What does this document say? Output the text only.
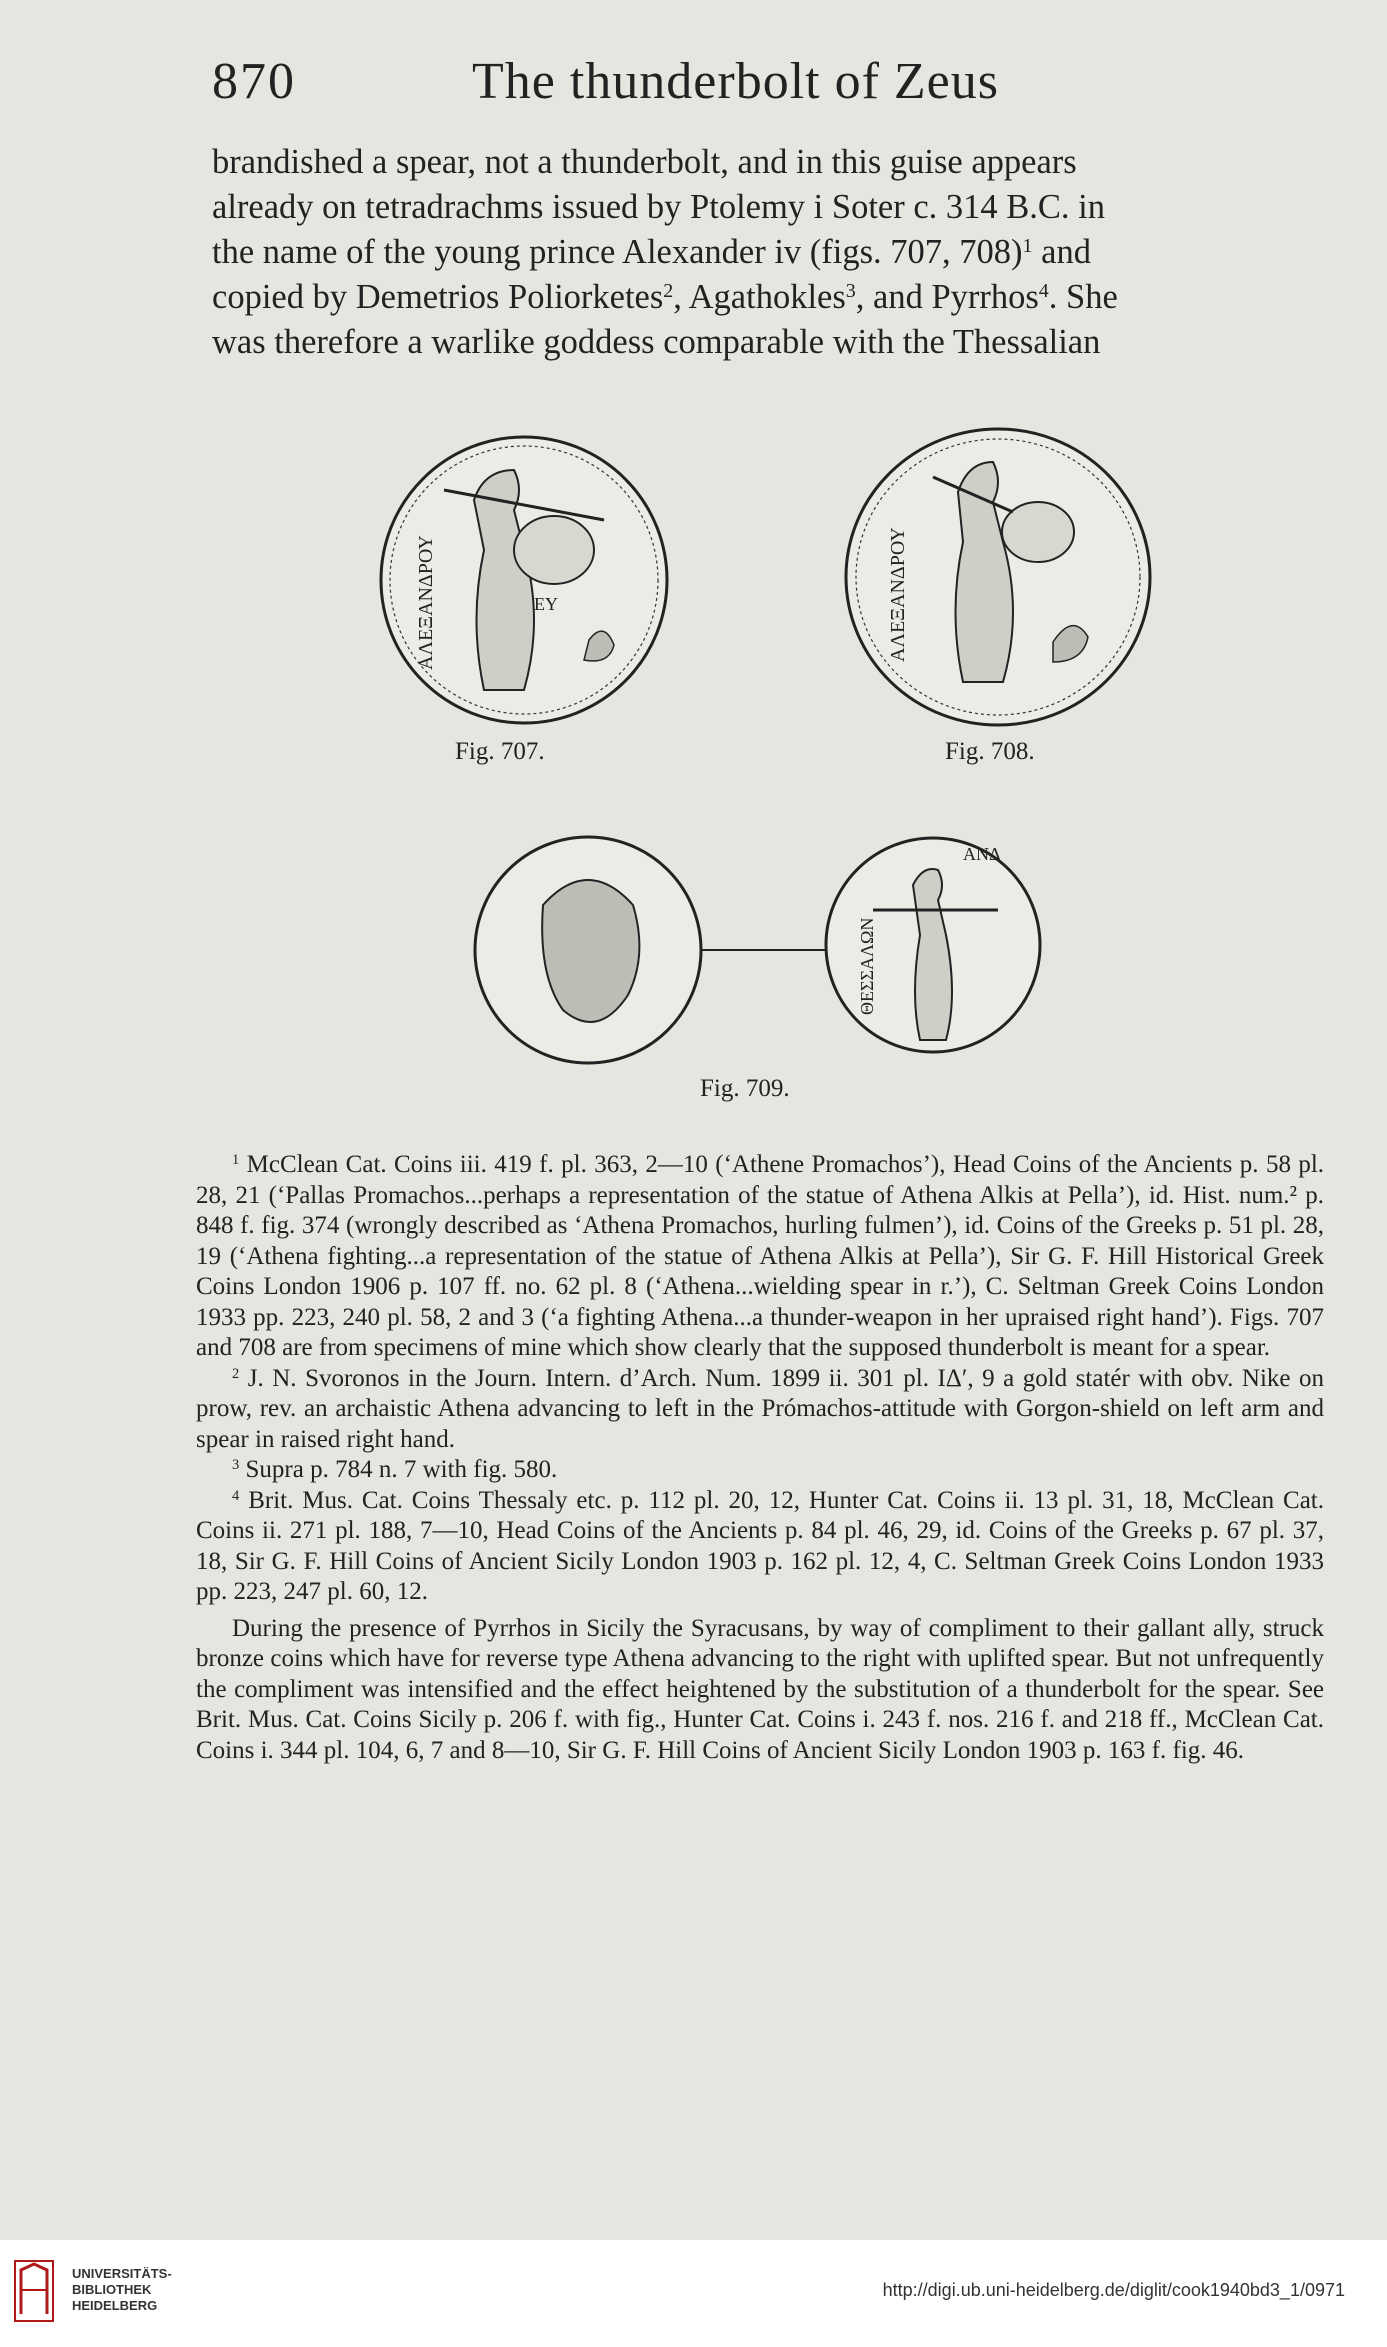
870	The thunderbolt of Zeus

brandished a spear, not a thunderbolt, and in this guise appears

already on tetradrachms issued by Ptolemy i Soter c. 314 B.C. in

the name of the young prince Alexander iv (figs. 707, 708)$^1$ and

copied by Demetrios Poliorketes$^2$, Agathokles$^3$, and Pyrrhos$^4$. She

was therefore a warlike goddess comparable with the Thessalian

ΑΛΕΞΑΝΔΡΟΥ	ΕΥ
Fig. 707.
ΑΛΕΞΑΝΔΡΟΥ
Fig. 708.
ΑΝΔ
ΘΕΣΣΑΛΩΝ
Fig. 709.

$^1$ McClean Cat. Coins iii. 419 f. pl. 363, 2—10 (‘Athene Promachos’), Head Coins of the Ancients p. 58 pl. 28, 21 (‘Pallas Promachos...perhaps a representation of the statue of Athena Alkis at Pella’), id. Hist. num.² p. 848 f. fig. 374 (wrongly described as ‘Athena Promachos, hurling fulmen’), id. Coins of the Greeks p. 51 pl. 28, 19 (‘Athena fighting...a representation of the statue of Athena Alkis at Pella’), Sir G. F. Hill Historical Greek Coins London 1906 p. 107 ff. no. 62 pl. 8 (‘Athena...wielding spear in r.’), C. Seltman Greek Coins London 1933 pp. 223, 240 pl. 58, 2 and 3 (‘a fighting Athena...a thunder-weapon in her upraised right hand’). Figs. 707 and 708 are from specimens of mine which show clearly that the supposed thunderbolt is meant for a spear.

$^2$ J. N. Svoronos in the Journ. Intern. d’Arch. Num. 1899 ii. 301 pl. IΔ′, 9 a gold statér with obv. Nike on prow, rev. an archaistic Athena advancing to left in the Prómachos-attitude with Gorgon-shield on left arm and spear in raised right hand.

$^3$ Supra p. 784 n. 7 with fig. 580.

$^4$ Brit. Mus. Cat. Coins Thessaly etc. p. 112 pl. 20, 12, Hunter Cat. Coins ii. 13 pl. 31, 18, McClean Cat. Coins ii. 271 pl. 188, 7—10, Head Coins of the Ancients p. 84 pl. 46, 29, id. Coins of the Greeks p. 67 pl. 37, 18, Sir G. F. Hill Coins of Ancient Sicily London 1903 p. 162 pl. 12, 4, C. Seltman Greek Coins London 1933 pp. 223, 247 pl. 60, 12.

During the presence of Pyrrhos in Sicily the Syracusans, by way of compliment to their gallant ally, struck bronze coins which have for reverse type Athena advancing to the right with uplifted spear. But not unfrequently the compliment was intensified and the effect heightened by the substitution of a thunderbolt for the spear. See Brit. Mus. Cat. Coins Sicily p. 206 f. with fig., Hunter Cat. Coins i. 243 f. nos. 216 f. and 218 ff., McClean Cat. Coins i. 344 pl. 104, 6, 7 and 8—10, Sir G. F. Hill Coins of Ancient Sicily London 1903 p. 163 f. fig. 46.

UNIVERSITÄTS-
BIBLIOTHEK
HEIDELBERG
http://digi.ub.uni-heidelberg.de/diglit/cook1940bd3_1/0971
